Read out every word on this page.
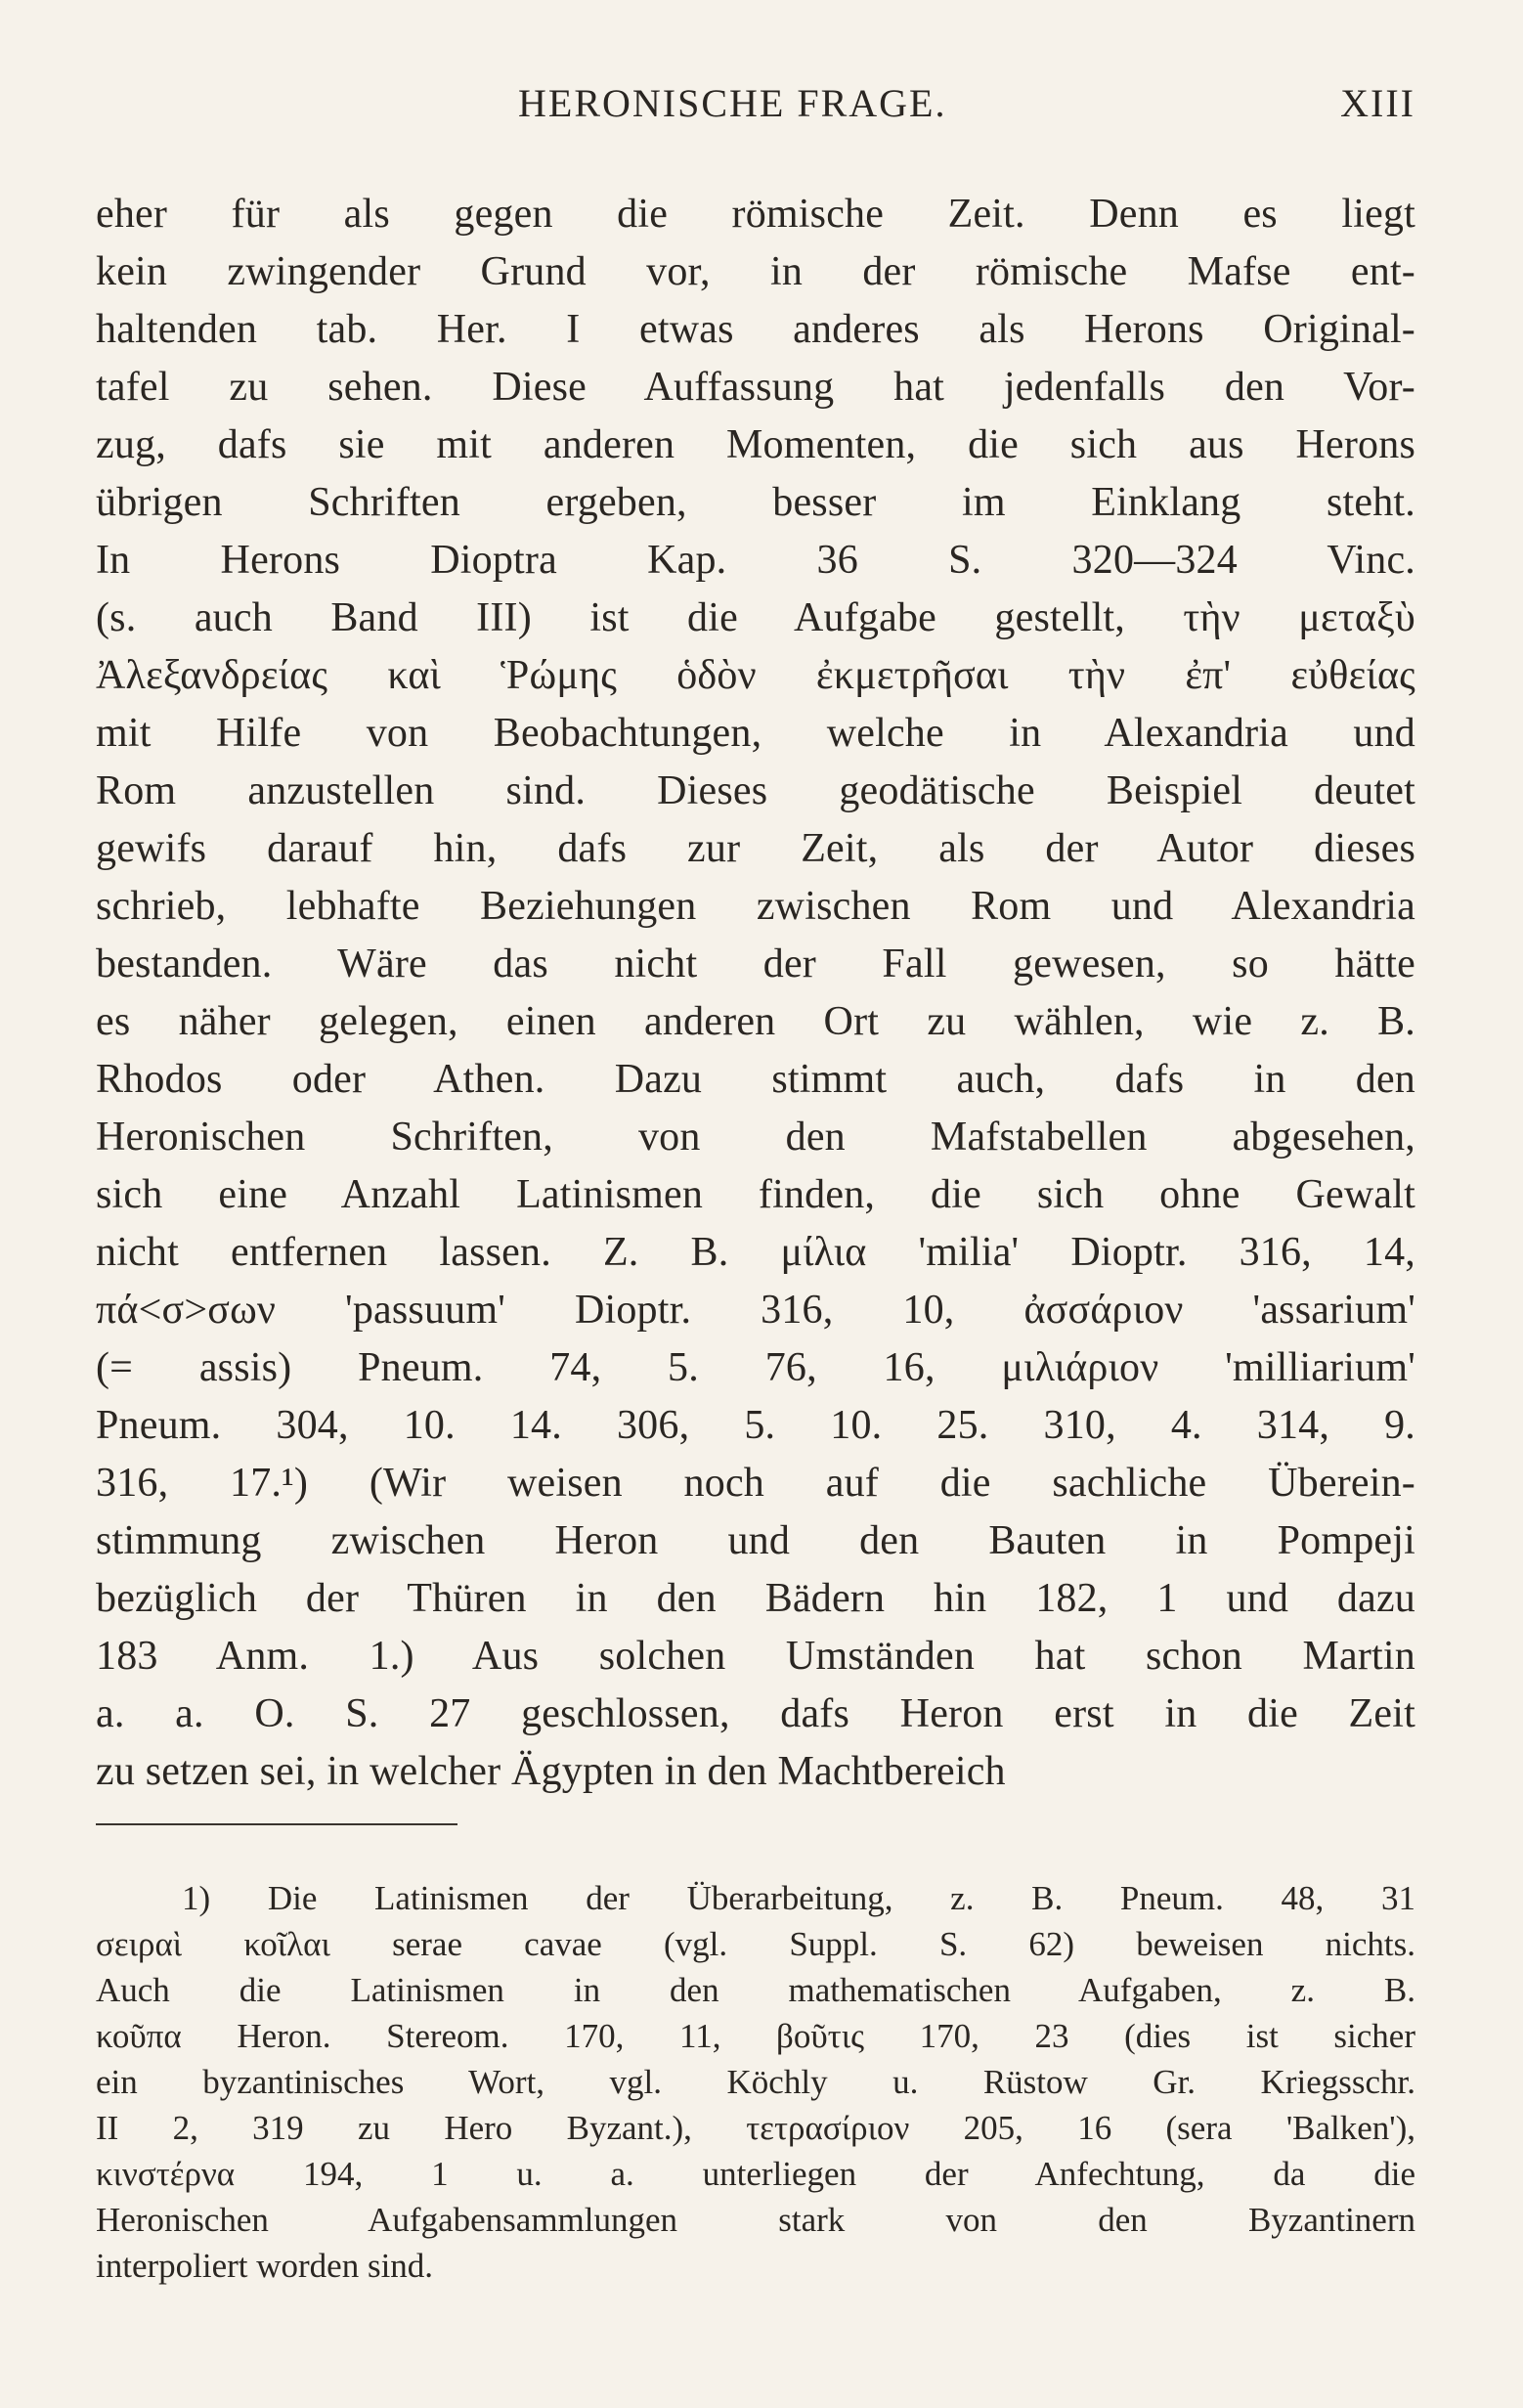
HERONISCHE FRAGE.	XIII
eher für als gegen die römische Zeit. Denn es liegt
kein zwingender Grund vor, in der römische Mafse ent-
haltenden tab. Her. I etwas anderes als Herons Original-
tafel zu sehen. Diese Auffassung hat jedenfalls den Vor-
zug, dafs sie mit anderen Momenten, die sich aus Herons
übrigen Schriften ergeben, besser im Einklang steht.
In Herons Dioptra Kap. 36 S. 320—324 Vinc.
(s. auch Band III) ist die Aufgabe gestellt, τὴν μεταξὺ
Ἀλεξανδρείας καὶ Ῥώμης ὁδὸν ἐκμετρῆσαι τὴν ἐπ' εὐθείας
mit Hilfe von Beobachtungen, welche in Alexandria und
Rom anzustellen sind. Dieses geodätische Beispiel deutet
gewifs darauf hin, dafs zur Zeit, als der Autor dieses
schrieb, lebhafte Beziehungen zwischen Rom und Alexandria
bestanden. Wäre das nicht der Fall gewesen, so hätte
es näher gelegen, einen anderen Ort zu wählen, wie z. B.
Rhodos oder Athen. Dazu stimmt auch, dafs in den
Heronischen Schriften, von den Mafstabellen abgesehen,
sich eine Anzahl Latinismen finden, die sich ohne Gewalt
nicht entfernen lassen. Z. B. μίλια 'milia' Dioptr. 316, 14,
πά<σ>σων 'passuum' Dioptr. 316, 10, ἀσσάριον 'assarium'
(= assis) Pneum. 74, 5. 76, 16, μιλιάριον 'milliarium'
Pneum. 304, 10. 14. 306, 5. 10. 25. 310, 4. 314, 9.
316, 17.¹) (Wir weisen noch auf die sachliche Überein-
stimmung zwischen Heron und den Bauten in Pompeji
bezüglich der Thüren in den Bädern hin 182, 1 und dazu
183 Anm. 1.) Aus solchen Umständen hat schon Martin
a. a. O. S. 27 geschlossen, dafs Heron erst in die Zeit
zu setzen sei, in welcher Ägypten in den Machtbereich
1) Die Latinismen der Überarbeitung, z. B. Pneum. 48, 31
σειραὶ κοῖλαι serae cavae (vgl. Suppl. S. 62) beweisen nichts.
Auch die Latinismen in den mathematischen Aufgaben, z. B.
κοῦπα Heron. Stereom. 170, 11, βοῦτις 170, 23 (dies ist sicher
ein byzantinisches Wort, vgl. Köchly u. Rüstow Gr. Kriegsschr.
II 2, 319 zu Hero Byzant.), τετρασίριον 205, 16 (sera 'Balken'),
κινστέρνα 194, 1 u. a. unterliegen der Anfechtung, da die
Heronischen Aufgabensammlungen stark von den Byzantinern
interpoliert worden sind.
